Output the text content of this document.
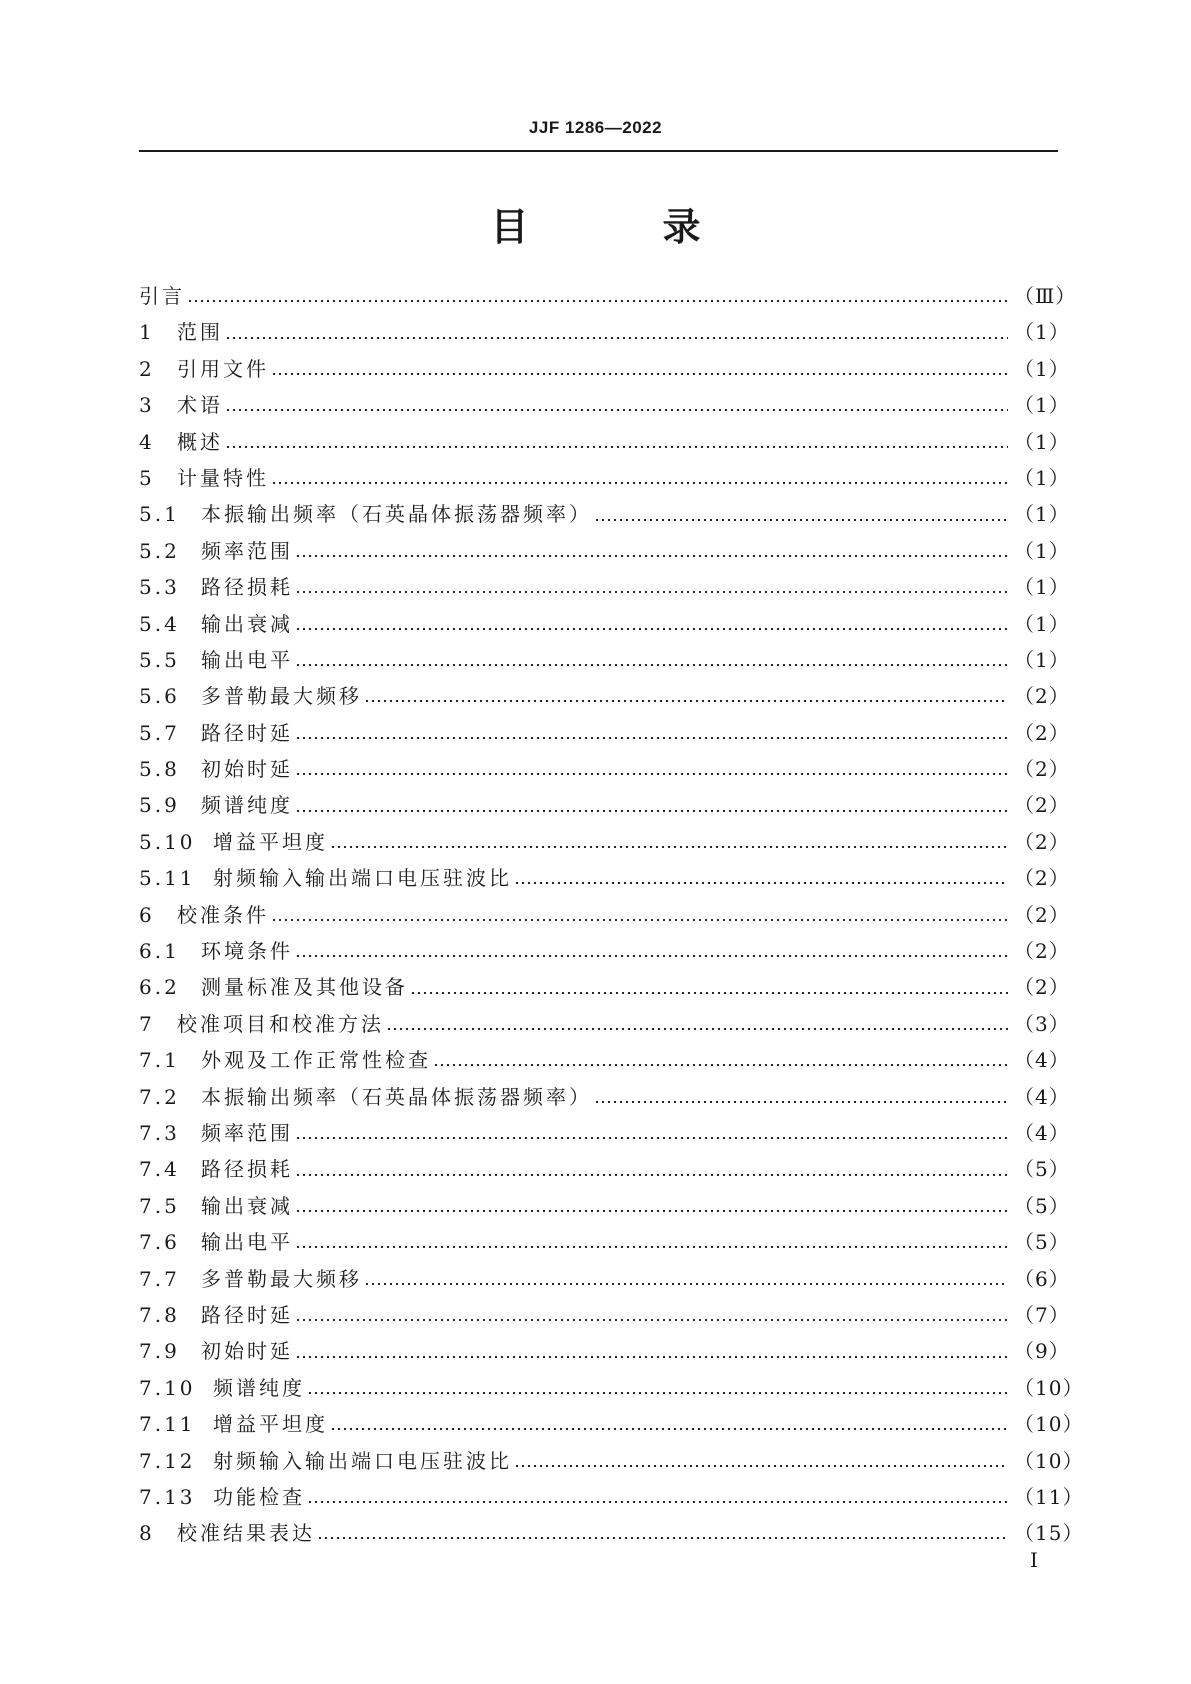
JJF 1286—2022
目　录
引言	（Ⅲ）
1	范围	（1）
2	引用文件	（1）
3	术语	（1）
4	概述	（1）
5	计量特性	（1）
5.1	本振输出频率（石英晶体振荡器频率）	（1）
5.2	频率范围	（1）
5.3	路径损耗	（1）
5.4	输出衰减	（1）
5.5	输出电平	（1）
5.6	多普勒最大频移	（2）
5.7	路径时延	（2）
5.8	初始时延	（2）
5.9	频谱纯度	（2）
5.10 增益平坦度	（2）
5.11 射频输入输出端口电压驻波比	（2）
6	校准条件	（2）
6.1	环境条件	（2）
6.2	测量标准及其他设备	（2）
7	校准项目和校准方法	（3）
7.1	外观及工作正常性检查	（4）
7.2	本振输出频率（石英晶体振荡器频率）	（4）
7.3	频率范围	（4）
7.4	路径损耗	（5）
7.5	输出衰减	（5）
7.6	输出电平	（5）
7.7	多普勒最大频移	（6）
7.8	路径时延	（7）
7.9	初始时延	（9）
7.10 频谱纯度	（10）
7.11 增益平坦度	（10）
7.12 射频输入输出端口电压驻波比	（10）
7.13 功能检查	（11）
8	校准结果表达	（15）
Ⅰ
